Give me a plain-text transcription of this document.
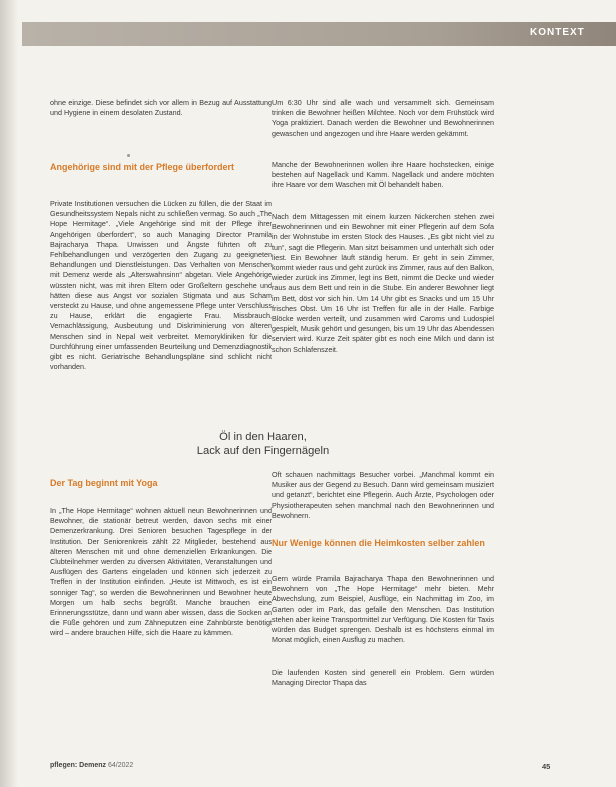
KONTEXT

ohne einzige. Diese befindet sich vor allem in Bezug auf Ausstattung und Hygiene in einem desolaten Zustand.

Angehörige sind mit der Pflege überfordert

Private Institutionen versuchen die Lücken zu füllen, die der Staat im Gesundheitssystem Nepals nicht zu schließen vermag. So auch „The Hope Hermitage“. „Viele Angehörige sind mit der Pflege ihrer Angehörigen überfordert“, so auch Managing Director Pramila Bajracharya Thapa. Unwissen und Ängste führten oft zu Fehlbehandlungen und verzögerten den Zugang zu geeigneten Behandlungen und Dienstleistungen. Das Verhalten von Menschen mit Demenz werde als „Alterswahnsinn“ abgetan. Viele Angehörige wüssten nicht, was mit ihren Eltern oder Großeltern geschehe und hätten diese aus Angst vor sozialen Stigmata und aus Scham versteckt zu Hause, und ohne angemessene Pflege unter Verschluss zu Hause, erklärt die engagierte Frau. Missbrauch, Vernachlässigung, Ausbeutung und Diskriminierung von älteren Menschen sind in Nepal weit verbreitet. Memorykliniken für die Durchführung einer umfassenden Beurteilung und Demenzdiagnostik gibt es nicht. Geriatrische Behandlungspläne sind schlicht nicht vorhanden.

Der Tag beginnt mit Yoga

In „The Hope Hermitage“ wohnen aktuell neun Bewohnerinnen und Bewohner, die stationär betreut werden, davon sechs mit einer Demenzerkrankung. Drei Senioren besuchen Tagespflege in der Institution. Der Seniorenkreis zählt 22 Mitglieder, bestehend aus älteren Menschen mit und ohne demenziellen Erkrankungen. Die Clubteilnehmer werden zu diversen Aktivitäten, Veranstaltungen und Ausflügen des Gartens eingeladen und können sich jederzeit zu Treffen in der Institution einfinden. „Heute ist Mittwoch, es ist ein sonniger Tag“, so werden die Bewohnerinnen und Bewohner heute Morgen um halb sechs begrüßt. Manche brauchen eine Erinnerungsstütze, dann und wann aber wissen, dass die Socken an die Füße gehören und zum Zähneputzen eine Zahnbürste benötigt wird – andere brauchen Hilfe, sich die Haare zu kämmen.

Um 6:30 Uhr sind alle wach und versammelt sich. Gemeinsam trinken die Bewohner heißen Milchtee. Noch vor dem Frühstück wird Yoga praktiziert. Danach werden die Bewohner und Bewohnerinnen gewaschen und angezogen und ihre Haare werden gekämmt.

Manche der Bewohnerinnen wollen ihre Haare hochstecken, einige bestehen auf Nagellack und Kamm. Nagellack und andere möchten ihre Haare vor dem Waschen mit Öl behandelt haben.

Nach dem Mittagessen mit einem kurzen Nickerchen stehen zwei Bewohnerinnen und ein Bewohner mit einer Pflegerin auf dem Sofa in der Wohnstube im ersten Stock des Hauses. „Es gibt nicht viel zu tun“, sagt die Pflegerin. Man sitzt beisammen und unterhält sich oder liest. Ein Bewohner läuft ständig herum. Er geht in sein Zimmer, kommt wieder raus und geht zurück ins Zimmer, raus auf den Balkon, wieder zurück ins Zimmer, legt ins Bett, nimmt die Decke und wieder raus aus dem Bett und rein in die Stube. Ein anderer Bewohner liegt im Bett, döst vor sich hin. Um 14 Uhr gibt es Snacks und um 15 Uhr frisches Obst. Um 16 Uhr ist Treffen für alle in der Halle. Farbige Blöcke werden verteilt, und zusammen wird Caroms und Ludospiel gespielt, Musik gehört und gesungen, bis um 19 Uhr das Abendessen serviert wird. Kurze Zeit später gibt es noch eine Milch und dann ist schon Schlafenszeit.

Oft schauen nachmittags Besucher vorbei. „Manchmal kommt ein Musiker aus der Gegend zu Besuch. Dann wird gemeinsam musiziert und getanzt“, berichtet eine Pflegerin. Auch Ärzte, Psychologen oder Physiotherapeuten sehen manchmal nach den Bewohnerinnen und Bewohnern.

Nur Wenige können die Heimkosten selber zahlen

Gern würde Pramila Bajracharya Thapa den Bewohnerinnen und Bewohnern von „The Hope Hermitage“ mehr bieten. Mehr Abwechslung, zum Beispiel, Ausflüge, ein Nachmittag im Zoo, im Garten oder im Park, das gefalle den Menschen. Das Institution stehen aber keine Transportmittel zur Verfügung. Die Kosten für Taxis würden das Budget sprengen. Deshalb ist es höchstens einmal im Monat möglich, einen Ausflug zu machen.

Die laufenden Kosten sind generell ein Problem. Gern würden Managing Director Thapa das

Öl in den Haaren,
Lack auf den Fingernägeln
pflegen: Demenz 64/2022	45
